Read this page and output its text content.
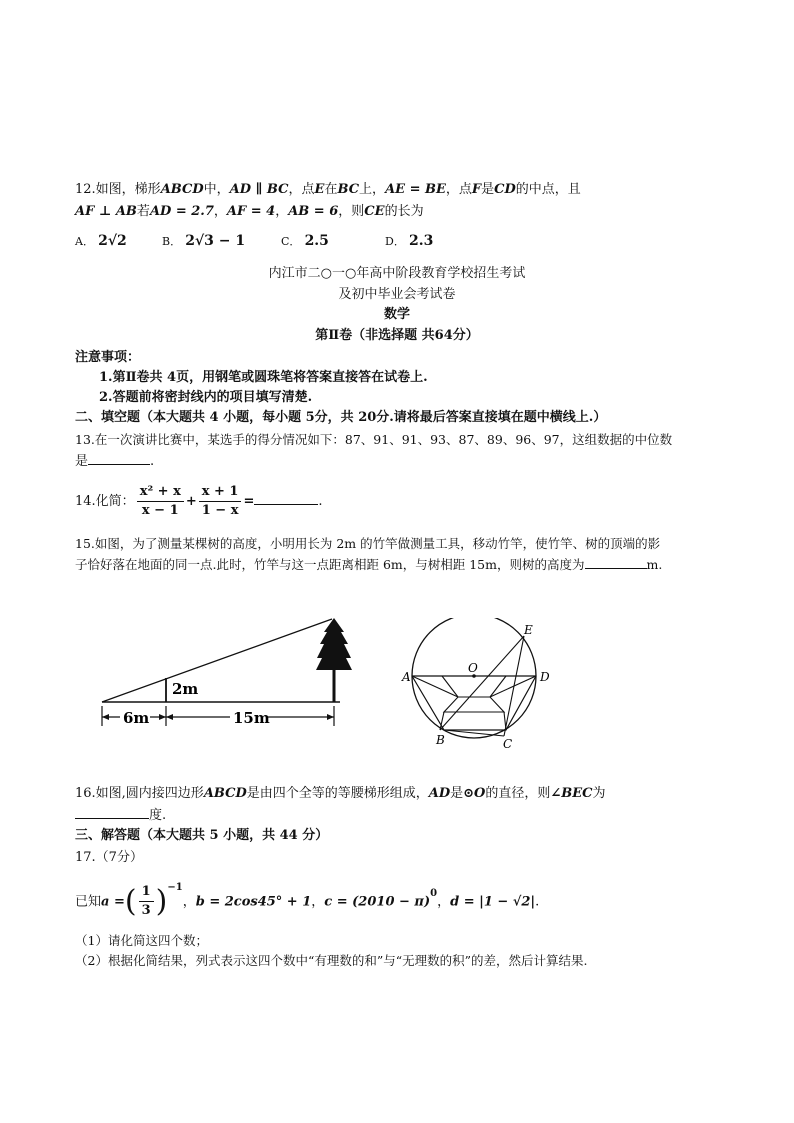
12.如图，梯形ABCD中，AD ∥ BC，点E在BC上，AE = BE，点F是CD的中点，且
AF ⊥ AB若AD = 2.7，AF = 4，AB = 6，则CE的长为
A． 2√2	B． 2√3 − 1	C． 2.5	D． 2.3
内江市二○一○年高中阶段教育学校招生考试
及初中毕业会考试卷
数学
第Ⅱ卷（非选择题 共64分）
注意事项：
1.第Ⅱ卷共 4页，用钢笔或圆珠笔将答案直接答在试卷上.
2.答题前将密封线内的项目填写清楚.
二、填空题（本大题共 4 小题，每小题 5分，共 20分.请将最后答案直接填在题中横线上.）
13.在一次演讲比赛中，某选手的得分情况如下：87、91、91、93、87、89、96、97，这组数据的中位数
是	.
14.化简： $\frac{\text{x² + x}}{x - 1} + \frac{x + 1}{1 - x}$ =	.
15.如图，为了测量某棵树的高度，小明用长为 2m 的竹竿做测量工具，移动竹竿，使竹竿、树的顶端的影
子恰好落在地面的同一点.此时，竹竿与这一点距离相距 6m，与树相距 15m，则树的高度为	m.
2m
6m	15m
O
A	D
E
B	C
16.如图,圆内接四边形ABCD是由四个全等的等腰梯形组成，AD是⊙O的直径，则∠BEC为
度.
三、解答题（本大题共 5 小题，共 44 分）
17.（7分）
已知a =( $\frac{1}{3} )^{-1}$，b = 2cos45° + 1，$c = (2010 - \pi)^0$，d = |1 − √2|.
（1）请化简这四个数；
（2）根据化简结果，列式表示这四个数中“有理数的和”与“无理数的积”的差，然后计算结果.
